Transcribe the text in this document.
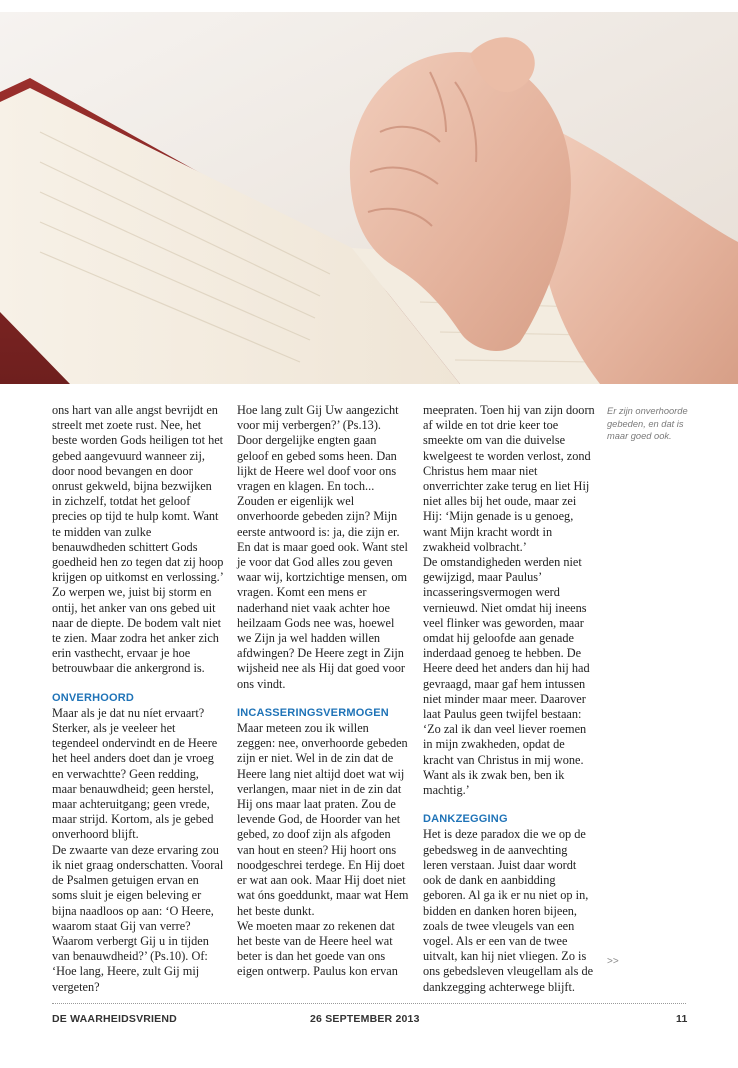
ons hart van alle angst bevrijdt en streelt met zoete rust. Nee, het beste worden Gods heiligen tot het gebed aangevuurd wanneer zij, door nood bevangen en door onrust gekweld, bijna bezwijken in zichzelf, totdat het geloof precies op tijd te hulp komt. Want te midden van zulke benauwdheden schittert Gods goedheid hen zo tegen dat zij hoop krijgen op uitkomst en verlossing.’

Zo werpen we, juist bij storm en ontij, het anker van ons gebed uit naar de diepte. De bodem valt niet te zien. Maar zodra het anker zich erin vasthecht, ervaar je hoe betrouwbaar die ankergrond is.

ONVERHOORD

Maar als je dat nu níet ervaart? Sterker, als je veeleer het tegendeel ondervindt en de Heere het heel anders doet dan je vroeg en verwachtte? Geen redding, maar benauwdheid; geen herstel, maar achteruitgang; geen vrede, maar strijd. Kortom, als je gebed onverhoord blijft.

De zwaarte van deze ervaring zou ik niet graag onderschatten. Vooral de Psalmen getuigen ervan en soms sluit je eigen beleving er bijna naadloos op aan: ‘O Heere, waarom staat Gij van verre? Waarom verbergt Gij u in tijden van benauwdheid?’ (Ps.10). Of: ‘Hoe lang, Heere, zult Gij mij vergeten?

Hoe lang zult Gij Uw aangezicht voor mij verbergen?’ (Ps.13). Door dergelijke engten gaan geloof en gebed soms heen. Dan lijkt de Heere wel doof voor ons vragen en klagen. En toch... Zouden er eigenlijk wel onverhoorde gebeden zijn? Mijn eerste antwoord is: ja, die zijn er. En dat is maar goed ook. Want stel je voor dat God alles zou geven waar wij, kortzichtige mensen, om vragen. Komt een mens er naderhand niet vaak achter hoe heilzaam Gods nee was, hoewel we Zijn ja wel hadden willen afdwingen? De Heere zegt in Zijn wijsheid nee als Hij dat goed voor ons vindt.

INCASSERINGSVERMOGEN

Maar meteen zou ik willen zeggen: nee, onverhoorde gebeden zijn er niet. Wel in de zin dat de Heere lang niet altijd doet wat wij verlangen, maar niet in de zin dat Hij ons maar laat praten. Zou de levende God, de Hoorder van het gebed, zo doof zijn als afgoden van hout en steen? Hij hoort ons noodgeschrei terdege. En Hij doet er wat aan ook. Maar Hij doet niet wat óns goeddunkt, maar wat Hem het beste dunkt.

We moeten maar zo rekenen dat het beste van de Heere heel wat beter is dan het goede van ons eigen ontwerp. Paulus kon ervan

meepraten. Toen hij van zijn doorn af wilde en tot drie keer toe smeekte om van die duivelse kwelgeest te worden verlost, zond Christus hem maar niet onverrichter zake terug en liet Hij niet alles bij het oude, maar zei Hij: ‘Mijn genade is u genoeg, want Mijn kracht wordt in zwakheid volbracht.’

De omstandigheden werden niet gewijzigd, maar Paulus’ incasseringsvermogen werd vernieuwd. Niet omdat hij ineens veel flinker was geworden, maar omdat hij geloofde aan genade inderdaad genoeg te hebben. De Heere deed het anders dan hij had gevraagd, maar gaf hem intussen niet minder maar meer. Daarover laat Paulus geen twijfel bestaan: ‘Zo zal ik dan veel liever roemen in mijn zwakheden, opdat de kracht van Christus in mij wone. Want als ik zwak ben, ben ik machtig.’

DANKZEGGING

Het is deze paradox die we op de gebedsweg in de aanvechting leren verstaan. Juist daar wordt ook de dank en aanbidding geboren. Al ga ik er nu niet op in, bidden en danken horen bijeen, zoals de twee vleugels van een vogel. Als er een van de twee uitvalt, kan hij niet vliegen. Zo is ons gebedsleven vleugellam als de dankzegging achterwege blijft.

Er zijn onverhoorde gebeden, en dat is maar goed ook.
>>
DE WAARHEIDSVRIEND	26 SEPTEMBER 2013	11
